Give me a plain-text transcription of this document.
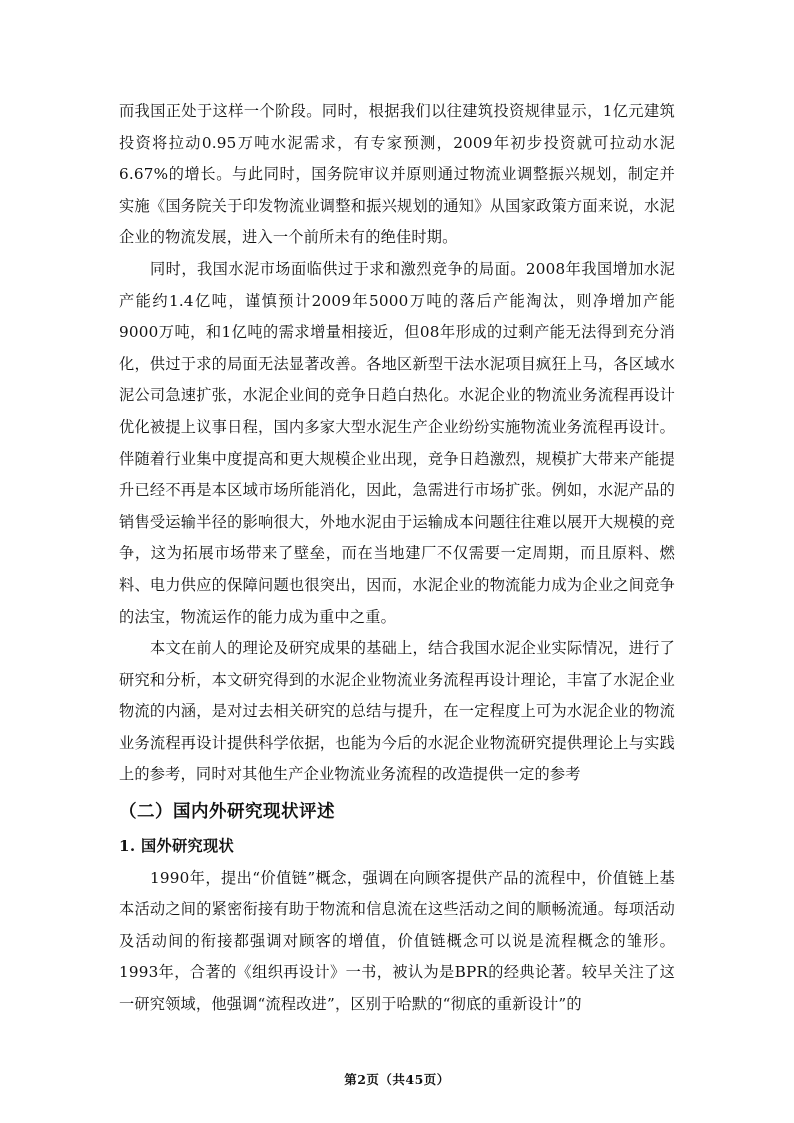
而我国正处于这样一个阶段。同时，根据我们以往建筑投资规律显示，1亿元建筑投资将拉动0.95万吨水泥需求，有专家预测，2009年初步投资就可拉动水泥6.67%的增长。与此同时，国务院审议并原则通过物流业调整振兴规划，制定并实施《国务院关于印发物流业调整和振兴规划的通知》从国家政策方面来说，水泥企业的物流发展，进入一个前所未有的绝佳时期。

同时，我国水泥市场面临供过于求和激烈竞争的局面。2008年我国增加水泥产能约1.4亿吨，谨慎预计2009年5000万吨的落后产能淘汰，则净增加产能9000万吨，和1亿吨的需求增量相接近，但08年形成的过剩产能无法得到充分消化，供过于求的局面无法显著改善。各地区新型干法水泥项目疯狂上马，各区域水泥公司急速扩张，水泥企业间的竞争日趋白热化。水泥企业的物流业务流程再设计优化被提上议事日程，国内多家大型水泥生产企业纷纷实施物流业务流程再设计。伴随着行业集中度提高和更大规模企业出现，竞争日趋激烈，规模扩大带来产能提升已经不再是本区域市场所能消化，因此，急需进行市场扩张。例如，水泥产品的销售受运输半径的影响很大，外地水泥由于运输成本问题往往难以展开大规模的竞争，这为拓展市场带来了壁垒，而在当地建厂不仅需要一定周期，而且原料、燃料、电力供应的保障问题也很突出，因而，水泥企业的物流能力成为企业之间竞争的法宝，物流运作的能力成为重中之重。

本文在前人的理论及研究成果的基础上，结合我国水泥企业实际情况，进行了研究和分析，本文研究得到的水泥企业物流业务流程再设计理论，丰富了水泥企业物流的内涵，是对过去相关研究的总结与提升，在一定程度上可为水泥企业的物流业务流程再设计提供科学依据，也能为今后的水泥企业物流研究提供理论上与实践上的参考，同时对其他生产企业物流业务流程的改造提供一定的参考

（二）国内外研究现状评述
1. 国外研究现状

1990年，提出“价值链”概念，强调在向顾客提供产品的流程中，价值链上基本活动之间的紧密衔接有助于物流和信息流在这些活动之间的顺畅流通。每项活动及活动间的衔接都强调对顾客的增值，价值链概念可以说是流程概念的雏形。1993年，合著的《组织再设计》一书，被认为是BPR的经典论著。较早关注了这一研究领域，他强调“流程改进”，区别于哈默的“彻底的重新设计”的

第2页（共45页）
